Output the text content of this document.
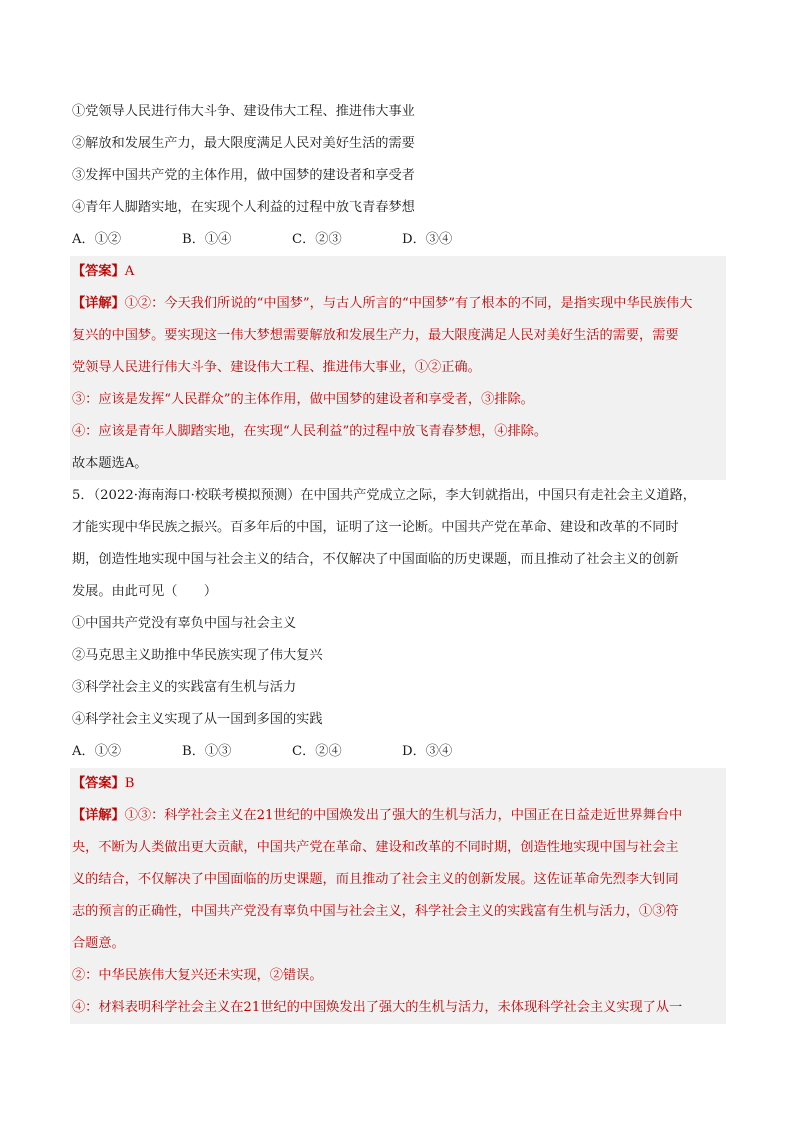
①党领导人民进行伟大斗争、建设伟大工程、推进伟大事业
②解放和发展生产力，最大限度满足人民对美好生活的需要
③发挥中国共产党的主体作用，做中国梦的建设者和享受者
④青年人脚踏实地，在实现个人利益的过程中放飞青春梦想
A．①②	B．①④	C．②③	D．③④
【答案】A
【详解】①②：今天我们所说的“中国梦”，与古人所言的“中国梦”有了根本的不同，是指实现中华民族伟大
复兴的中国梦。要实现这一伟大梦想需要解放和发展生产力，最大限度满足人民对美好生活的需要，需要
党领导人民进行伟大斗争、建设伟大工程、推进伟大事业，①②正确。
③：应该是发挥“人民群众”的主体作用，做中国梦的建设者和享受者，③排除。
④：应该是青年人脚踏实地，在实现“人民利益”的过程中放飞青春梦想，④排除。
故本题选A。
5．（2022·海南海口·校联考模拟预测）在中国共产党成立之际，李大钊就指出，中国只有走社会主义道路，
才能实现中华民族之振兴。百多年后的中国，证明了这一论断。中国共产党在革命、建设和改革的不同时
期，创造性地实现中国与社会主义的结合，不仅解决了中国面临的历史课题，而且推动了社会主义的创新
发展。由此可见（　　）
①中国共产党没有辜负中国与社会主义
②马克思主义助推中华民族实现了伟大复兴
③科学社会主义的实践富有生机与活力
④科学社会主义实现了从一国到多国的实践
A．①②	B．①③	C．②④	D．③④
【答案】B
【详解】①③：科学社会主义在21世纪的中国焕发出了强大的生机与活力，中国正在日益走近世界舞台中
央，不断为人类做出更大贡献，中国共产党在革命、建设和改革的不同时期，创造性地实现中国与社会主
义的结合，不仅解决了中国面临的历史课题，而且推动了社会主义的创新发展。这佐证革命先烈李大钊同
志的预言的正确性，中国共产党没有辜负中国与社会主义，科学社会主义的实践富有生机与活力，①③符
合题意。
②：中华民族伟大复兴还未实现，②错误。
④：材料表明科学社会主义在21世纪的中国焕发出了强大的生机与活力，未体现科学社会主义实现了从一
